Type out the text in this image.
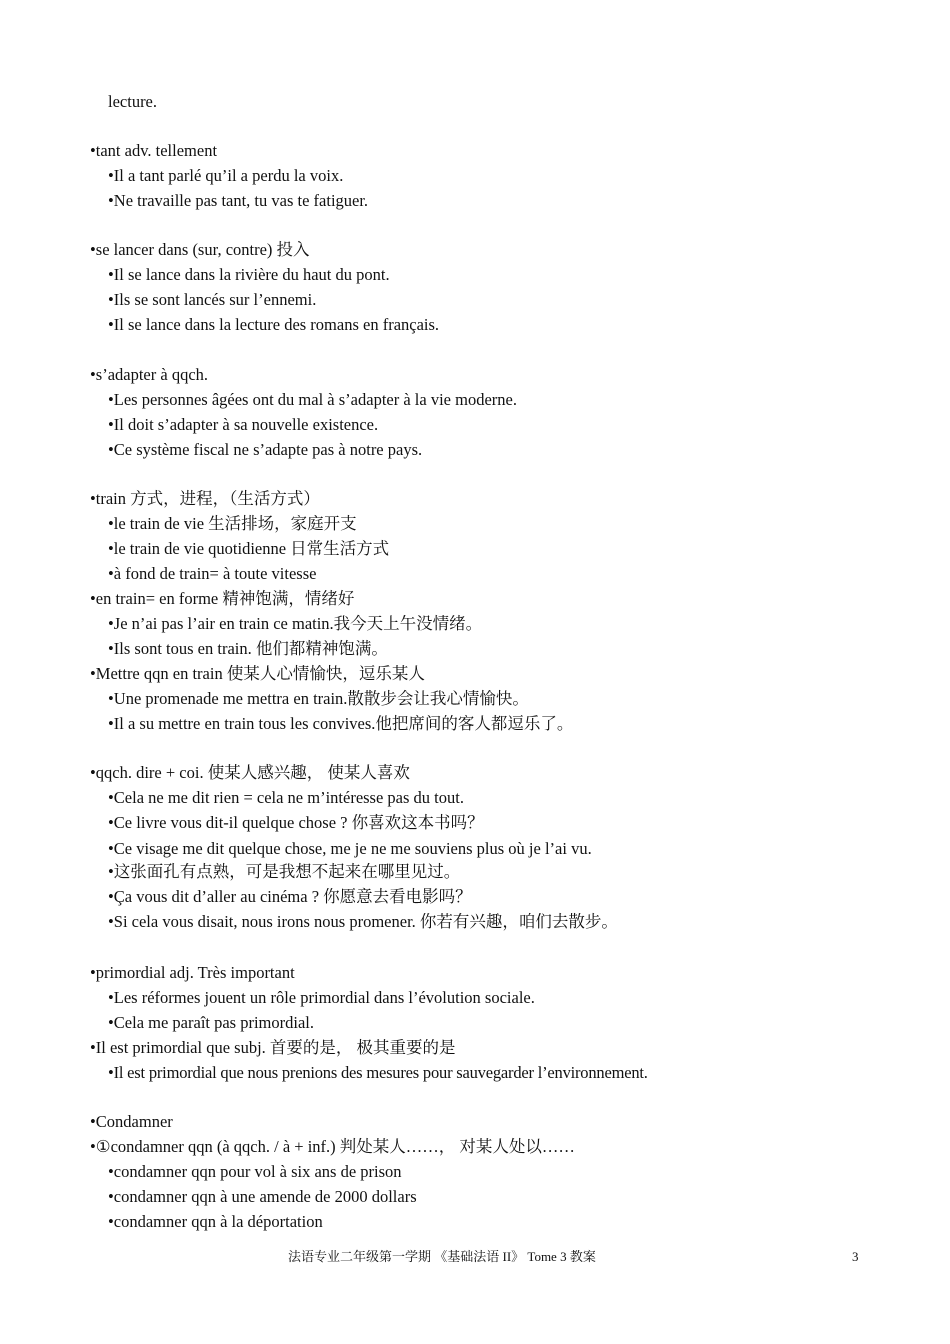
lecture.
•tant adv. tellement
•Il a tant parlé qu’il a perdu la voix.
•Ne travaille pas tant, tu vas te fatiguer.
•se lancer dans (sur, contre) 投入
•Il se lance dans la rivière du haut du pont.
•Ils se sont lancés sur l’ennemi.
•Il se lance dans la lecture des romans en français.
•s’adapter à qqch.
•Les personnes âgées ont du mal à s’adapter à la vie moderne.
•Il doit s’adapter à sa nouvelle existence.
•Ce système fiscal ne s’adapte pas à notre pays.
•train 方式，进程，（生活方式）
•le train de vie 生活排场，家庭开支
•le train de vie quotidienne 日常生活方式
•à fond de train= à toute vitesse
•en train= en forme 精神饱满，情绪好
•Je n’ai pas l’air en train ce matin.我今天上午没情绪。
•Ils sont tous en train. 他们都精神饱满。
•Mettre qqn en train 使某人心情愉快，逗乐某人
•Une promenade me mettra en train.散散步会让我心情愉快。
•Il a su mettre en train tous les convives.他把席间的客人都逗乐了。
•qqch. dire + coi. 使某人感兴趣， 使某人喜欢
•Cela ne me dit rien = cela ne m’intéresse pas du tout.
•Ce livre vous dit-il quelque chose ? 你喜欢这本书吗？
•Ce visage me dit quelque chose, me je ne me souviens plus où je l’ai vu.
•这张面孔有点熟，可是我想不起来在哪里见过。
•Ça vous dit d’aller au cinéma ? 你愿意去看电影吗？
•Si cela vous disait, nous irons nous promener. 你若有兴趣，咱们去散步。
•primordial adj. Très important
•Les réformes jouent un rôle primordial dans l’évolution sociale.
•Cela me paraît pas primordial.
•Il est primordial que subj. 首要的是， 极其重要的是
•Il est primordial que nous prenions des mesures pour sauvegarder l’environnement.
•Condamner
•①condamner qqn (à qqch. / à + inf.) 判处某人……， 对某人处以……
•condamner qqn pour vol à six ans de prison
•condamner qqn à une amende de 2000 dollars
•condamner qqn à la déportation
法语专业二年级第一学期 《基础法语 II》 Tome 3 教案	3
